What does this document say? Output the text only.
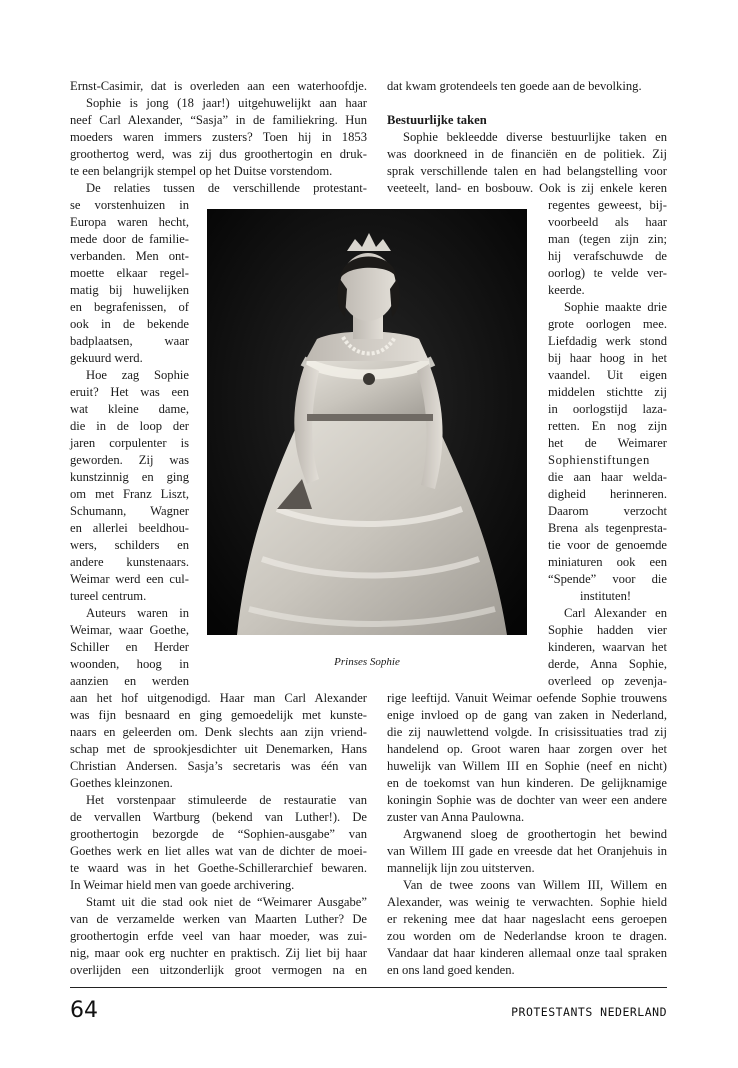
Ernst-Casimir, dat is overleden aan een waterhoofdje.
Sophie is jong (18 jaar!) uitgehuwelijkt aan haar
neef Carl Alexander, “Sasja” in de familiekring. Hun
moeders waren immers zusters? Toen hij in 1853
groothertog werd, was zij dus groothertogin en druk-
te een belangrijk stempel op het Duitse vorstendom.
De relaties tussen de verschillende protestant-
se vorstenhuizen in
Europa waren hecht,
mede door de familie-
verbanden. Men ont-
moette elkaar regel-
matig bij huwelijken
en begrafenissen, of
ook in de bekende
badplaatsen, waar
gekuurd werd.
Hoe zag Sophie
eruit? Het was een
wat kleine dame,
die in de loop der
jaren corpulenter is
geworden. Zij was
kunstzinnig en ging
om met Franz Liszt,
Schumann, Wagner
en allerlei beeldhou-
wers, schilders en
andere kunstenaars.
Weimar werd een cul-
tureel centrum.
Auteurs waren in
Weimar, waar Goethe,
Schiller en Herder
woonden, hoog in
aanzien en werden
aan het hof uitgenodigd. Haar man Carl Alexander
was fijn besnaard en ging gemoedelijk met kunste-
naars en geleerden om. Denk slechts aan zijn vriend-
schap met de sprookjesdichter uit Denemarken, Hans
Christian Andersen. Sasja’s secretaris was één van
Goethes kleinzonen.
Het vorstenpaar stimuleerde de restauratie van
de vervallen Wartburg (bekend van Luther!). De
groothertogin bezorgde de “Sophien-ausgabe” van
Goethes werk en liet alles wat van de dichter de moei-
te waard was in het Goethe-Schillerarchief bewaren.
In Weimar hield men van goede archivering.
Stamt uit die stad ook niet de “Weimarer Ausgabe”
van de verzamelde werken van Maarten Luther? De
groothertogin erfde veel van haar moeder, was zui-
nig, maar ook erg nuchter en praktisch. Zij liet bij haar
overlijden een uitzonderlijk groot vermogen na en
dat kwam grotendeels ten goede aan de bevolking.
Bestuurlijke taken
Sophie bekleedde diverse bestuurlijke taken en
was doorkneed in de financiën en de politiek. Zij
sprak verschillende talen en had belangstelling voor
veeteelt, land- en bosbouw. Ook is zij enkele keren
regentes geweest, bij-
voorbeeld als haar
man (tegen zijn zin;
hij verafschuwde de
oorlog) te velde ver-
keerde.
Sophie maakte drie
grote oorlogen mee.
Liefdadig werk stond
bij haar hoog in het
vaandel. Uit eigen
middelen stichtte zij
in oorlogstijd laza-
retten. En nog zijn
het de Weimarer
Sophienstiftungen
die aan haar welda-
digheid herinneren.
Daarom verzocht
Brena als tegenpresta-
tie voor de genoemde
miniaturen ook een
“Spende” voor die
instituten!
Carl Alexander en
Sophie hadden vier
kinderen, waarvan het
derde, Anna Sophie,
overleed op zevenja-
rige leeftijd. Vanuit Weimar oefende Sophie trouwens
enige invloed op de gang van zaken in Nederland,
die zij nauwlettend volgde. In crisissituaties trad zij
handelend op. Groot waren haar zorgen over het
huwelijk van Willem III en Sophie (neef en nicht)
en de toekomst van hun kinderen. De gelijknamige
koningin Sophie was de dochter van weer een andere
zuster van Anna Paulowna.
Argwanend sloeg de groothertogin het bewind
van Willem III gade en vreesde dat het Oranjehuis in
mannelijk lijn zou uitsterven.
Van de twee zoons van Willem III, Willem en
Alexander, was weinig te verwachten. Sophie hield
er rekening mee dat haar nageslacht eens geroepen
zou worden om de Nederlandse kroon te dragen.
Vandaar dat haar kinderen allemaal onze taal spraken
en ons land goed kenden.
Prinses Sophie
64	PROTESTANTS NEDERLAND
